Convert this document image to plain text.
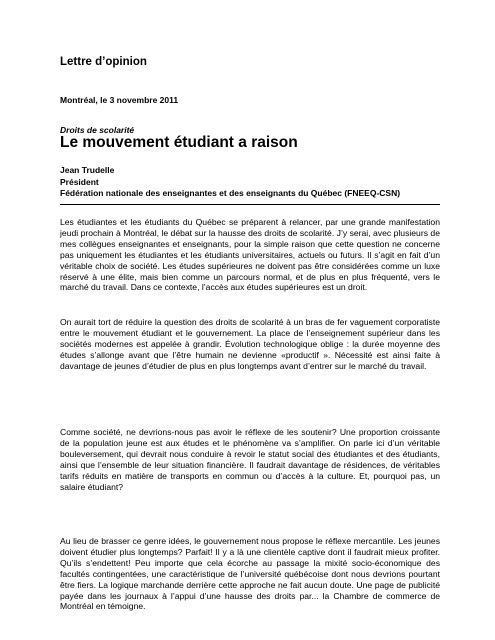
Lettre d’opinion
Montréal, le 3 novembre 2011
Droits de scolarité
Le mouvement étudiant a raison
Jean Trudelle
Président
Fédération nationale des enseignantes et des enseignants du Québec (FNEEQ-CSN)

Les étudiantes et les étudiants du Québec se préparent à relancer, par une grande manifestation jeudi prochain à Montréal, le débat sur la hausse des droits de scolarité. J’y serai, avec plusieurs de mes collègues enseignantes et enseignants, pour la simple raison que cette question ne concerne pas uniquement les étudiantes et les étudiants universitaires, actuels ou futurs. Il s’agit en fait d’un véritable choix de société. Les études supérieures ne doivent pas être considérées comme un luxe réservé à une élite, mais bien comme un parcours normal, et de plus en plus fréquenté, vers le marché du travail. Dans ce contexte, l’accès aux études supérieures est un droit.

On aurait tort de réduire la question des droits de scolarité à un bras de fer vaguement corporatiste entre le mouvement étudiant et le gouvernement. La place de l’enseignement supérieur dans les sociétés modernes est appelée à grandir. Évolution technologique oblige : la durée moyenne des études s’allonge avant que l’être humain ne devienne «productif ». Nécessité est ainsi faite à davantage de jeunes d’étudier de plus en plus longtemps avant d’entrer sur le marché du travail.

Comme société, ne devrions-nous pas avoir le réflexe de les soutenir? Une proportion croissante de la population jeune est aux études et le phénomène va s’amplifier. On parle ici d’un véritable bouleversement, qui devrait nous conduire à revoir le statut social des étudiantes et des étudiants, ainsi que l’ensemble de leur situation financière. Il faudrait davantage de résidences, de véritables tarifs réduits en matière de transports en commun ou d’accès à la culture. Et, pourquoi pas, un salaire étudiant?

Au lieu de brasser ce genre idées, le gouvernement nous propose le réflexe mercantile. Les jeunes doivent étudier plus longtemps? Parfait! Il y a là une clientèle captive dont il faudrait mieux profiter. Qu’ils s’endettent! Peu importe que cela écorche au passage la mixité socio-économique des facultés contingentées, une caractéristique de l’université québécoise dont nous devrions pourtant être fiers. La logique marchande derrière cette approche ne fait aucun doute. Une page de publicité payée dans les journaux à l’appui d’une hausse des droits par... la Chambre de commerce de Montréal en témoigne.
